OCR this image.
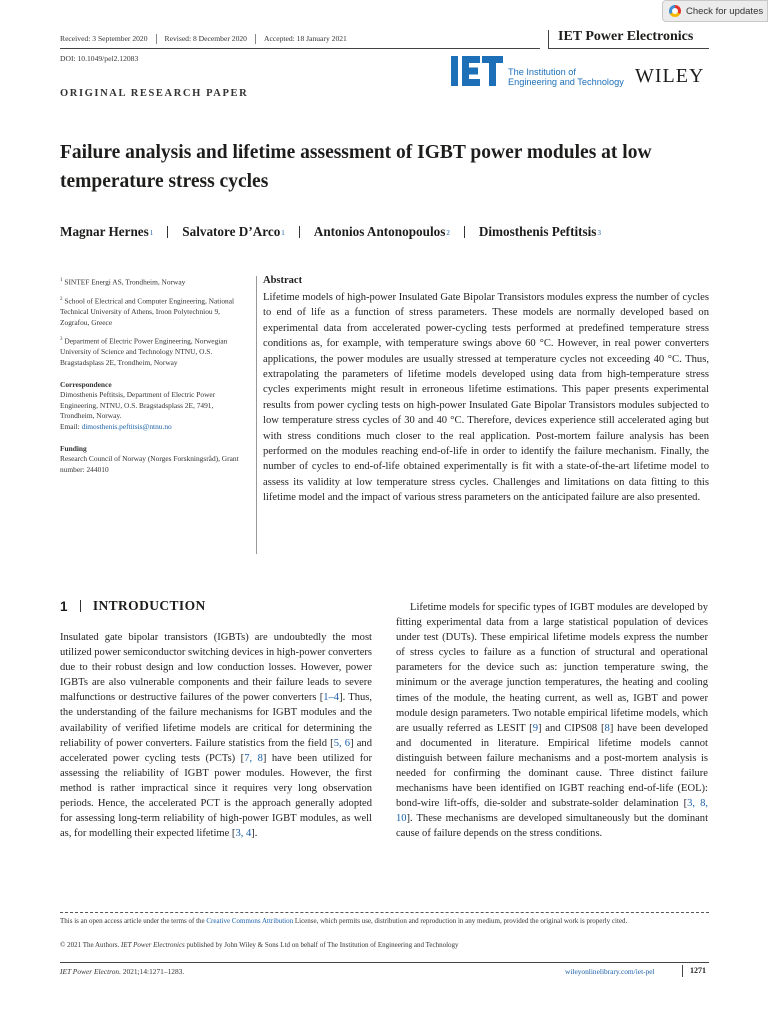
Check for updates
Received: 3 September 2020	Revised: 8 December 2020	Accepted: 18 January 2021	IET Power Electronics
DOI: 10.1049/pel2.12083
ORIGINAL RESEARCH PAPER
The Institution of
Engineering and Technology WILEY
Failure analysis and lifetime assessment of IGBT power modules at low temperature stress cycles
Magnar Hernes$^1$ Salvatore D’Arco$^1$ Antonios Antonopoulos$^2$ Dimosthenis Peftitsis$^3$
$^1$ SINTEF Energi AS, Trondheim, Norway
$^2$ School of Electrical and Computer Engineering, National Technical University of Athens, Iroon Polytechniou 9, Zografou, Greece
$^3$ Department of Electric Power Engineering, Norwegian University of Science and Technology NTNU, O.S. Bragstadsplass 2E, Trondheim, Norway
Correspondence
Dimosthenis Peftitsis, Department of Electric Power Engineering, NTNU, O.S. Bragstadsplass 2E, 7491, Trondheim, Norway.
Email: dimosthenis.peftitsis@ntnu.no
Funding
Research Council of Norway (Norges Forskningsråd), Grant number: 244010
Abstract

Lifetime models of high-power Insulated Gate Bipolar Transistors modules express the number of cycles to end of life as a function of stress parameters. These models are normally developed based on experimental data from accelerated power-cycling tests performed at predefined temperature stress conditions as, for example, with temperature swings above 60 °C. However, in real power converters applications, the power modules are usually stressed at temperature cycles not exceeding 40 °C. Thus, extrapolating the parameters of lifetime models developed using data from high-temperature stress cycles experiments might result in erroneous lifetime estimations. This paper presents experimental results from power cycling tests on high-power Insulated Gate Bipolar Transistors modules subjected to low temperature stress cycles of 30 and 40 °C. Therefore, devices experience still accelerated aging but with stress conditions much closer to the real application. Post-mortem failure analysis has been performed on the modules reaching end-of-life in order to identify the failure mechanism. Finally, the number of cycles to end-of-life obtained experimentally is fit with a state-of-the-art lifetime model to assess its validity at low temperature stress cycles. Challenges and limitations on data fitting to this lifetime model and the impact of various stress parameters on the anticipated failure are also presented.

1 INTRODUCTION

Insulated gate bipolar transistors (IGBTs) are undoubtedly the most utilized power semiconductor switching devices in high-power converters due to their robust design and low conduction losses. However, power IGBTs are also vulnerable components and their failure leads to severe malfunctions or destructive failures of the power converters [1–4]. Thus, the understanding of the failure mechanisms for IGBT modules and the availability of verified lifetime models are critical for determining the reliability of power converters. Failure statistics from the field [5, 6] and accelerated power cycling tests (PCTs) [7, 8] have been utilized for assessing the reliability of IGBT power modules. However, the first method is rather impractical since it requires very long observation periods. Hence, the accelerated PCT is the approach generally adopted for assessing long-term reliability of high-power IGBT modules, as well as, for modelling their expected lifetime [3, 4].

Lifetime models for specific types of IGBT modules are developed by fitting experimental data from a large statistical population of devices under test (DUTs). These empirical lifetime models express the number of stress cycles to failure as a function of structural and operational parameters for the device such as: junction temperature swing, the minimum or the average junction temperatures, the heating and cooling times of the module, the heating current, as well as, IGBT and power module design parameters. Two notable empirical lifetime models, which are usually referred as LESIT [9] and CIPS08 [8] have been developed and documented in literature. Empirical lifetime models cannot distinguish between failure mechanisms and a post-mortem analysis is needed for confirming the dominant cause. Three distinct failure mechanisms have been identified on IGBT reaching end-of-life (EOL): bond-wire lift-offs, die-solder and substrate-solder delamination [3, 8, 10]. These mechanisms are developed simultaneously but the dominant cause of failure depends on the stress conditions.

This is an open access article under the terms of the Creative Commons Attribution License, which permits use, distribution and reproduction in any medium, provided the original work is properly cited.
© 2021 The Authors. IET Power Electronics published by John Wiley & Sons Ltd on behalf of The Institution of Engineering and Technology
IET Power Electron. 2021;14:1271–1283.	wileyonlinelibrary.com/iet-pel	1271
